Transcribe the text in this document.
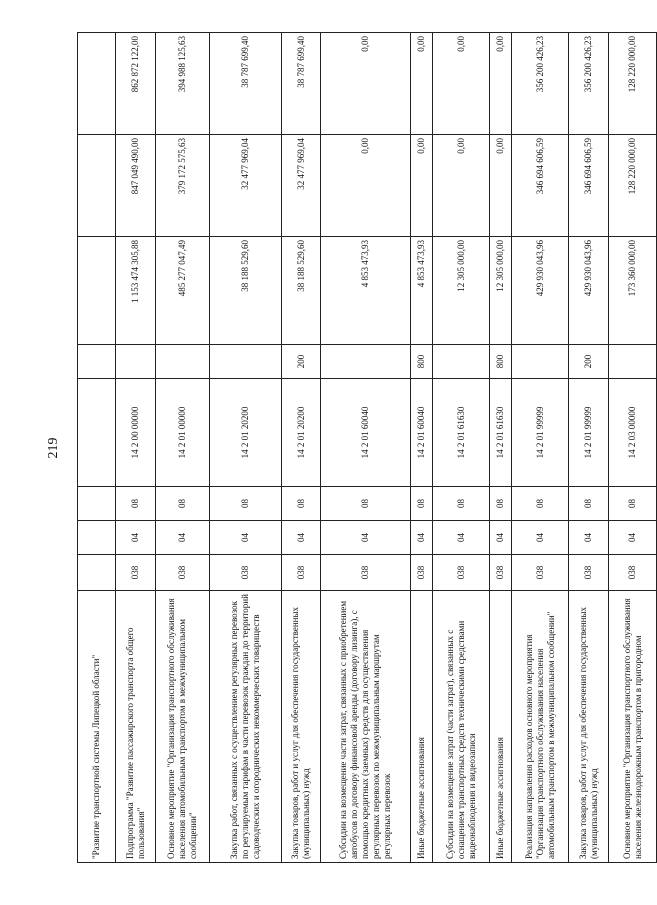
219
"Развитие транспортной системы Липецкой области"								
Подпрограмма "Развитие пассажирского транспорта общего пользования"	038	04	08	14 2 00 00000		1 153 474 305,88	847 049 490,00	862 872 122,00
Основное мероприятие "Организация транспортного обслуживания населения автомобильным транспортом в межмуниципальном сообщении"	038	04	08	14 2 01 00000		485 277 047,49	379 172 575,63	394 988 125,63
Закупка работ, связанных с осуществлением регулярных перевозок по регулируемым тарифам в части перевозок граждан до территорий садоводческих и огороднических некоммерческих товариществ	038	04	08	14 2 01 20200		38 188 529,60	32 477 969,04	38 787 699,40
Закупка товаров, работ и услуг для обеспечения государственных (муниципальных) нужд	038	04	08	14 2 01 20200	200	38 188 529,60	32 477 969,04	38 787 699,40
Субсидии на возмещение части затрат, связанных с приобретением автобусов по договору финансовой аренды (договору лизинга), с помощью кредитных (заемных) средств для осуществления регулярных перевозок по межмуниципальным маршрутам регулярных перевозок	038	04	08	14 2 01 60040		4 853 473,93	0,00	0,00
Иные бюджетные ассигнования	038	04	08	14 2 01 60040	800	4 853 473,93	0,00	0,00
Субсидии на возмещение затрат (части затрат), связанных с оснащением транспортных средств техническими средствами видеонаблюдения и видеозаписи	038	04	08	14 2 01 61630		12 305 000,00	0,00	0,00
Иные бюджетные ассигнования	038	04	08	14 2 01 61630	800	12 305 000,00	0,00	0,00
Реализация направления расходов основного мероприятия "Организация транспортного обслуживания населения автомобильным транспортом в межмуниципальном сообщении"	038	04	08	14 2 01 99999		429 930 043,96	346 694 606,59	356 200 426,23
Закупка товаров, работ и услуг для обеспечения государственных (муниципальных) нужд	038	04	08	14 2 01 99999	200	429 930 043,96	346 694 606,59	356 200 426,23
Основное мероприятие "Организация транспортного обслуживания населения железнодорожным транспортом в пригородном	038	04	08	14 2 03 00000		173 360 000,00	128 220 000,00	128 220 000,00
